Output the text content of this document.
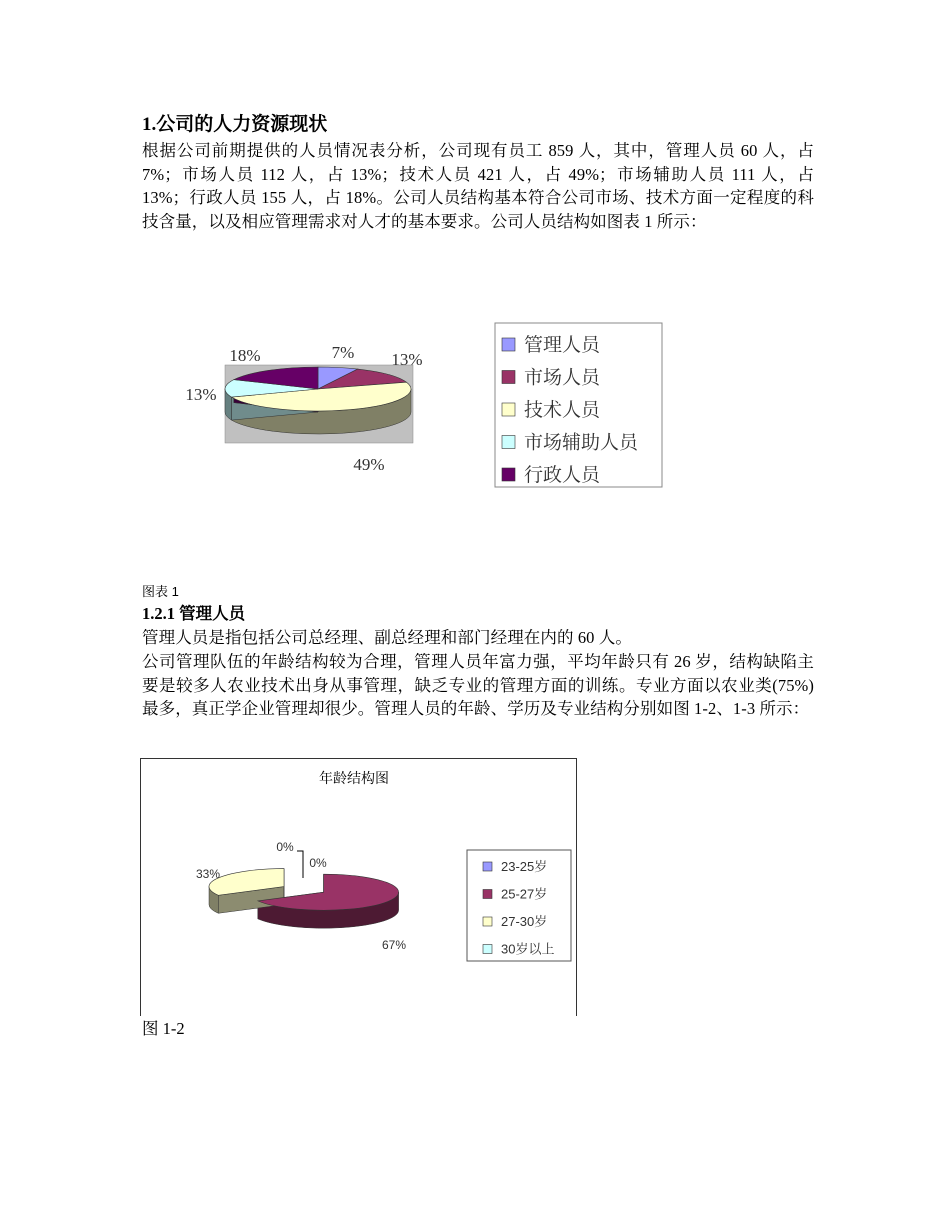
1.公司的人力资源现状
根据公司前期提供的人员情况表分析，公司现有员工 859 人，其中，管理人员 60 人，占 7%；市场人员 112 人，占 13%；技术人员 421 人，占 49%；市场辅助人员 111 人，占 13%；行政人员 155 人，占 18%。公司人员结构基本符合公司市场、技术方面一定程度的科技含量，以及相应管理需求对人才的基本要求。公司人员结构如图表 1 所示：
7% 13%
49%
13%
18%	管理人员
市场人员
技术人员
市场辅助人员
行政人员
图表 1
1.2.1 管理人员
管理人员是指包括公司总经理、副总经理和部门经理在内的 60 人。
公司管理队伍的年龄结构较为合理，管理人员年富力强，平均年龄只有 26 岁，结构缺陷主要是较多人农业技术出身从事管理，缺乏专业的管理方面的训练。专业方面以农业类(75%)最多，真正学企业管理却很少。管理人员的年龄、学历及专业结构分别如图 1-2、1-3 所示：
年龄结构图
0%
67%
33%
0%	23-25岁
25-27岁
27-30岁
30岁以上
图 1-2
